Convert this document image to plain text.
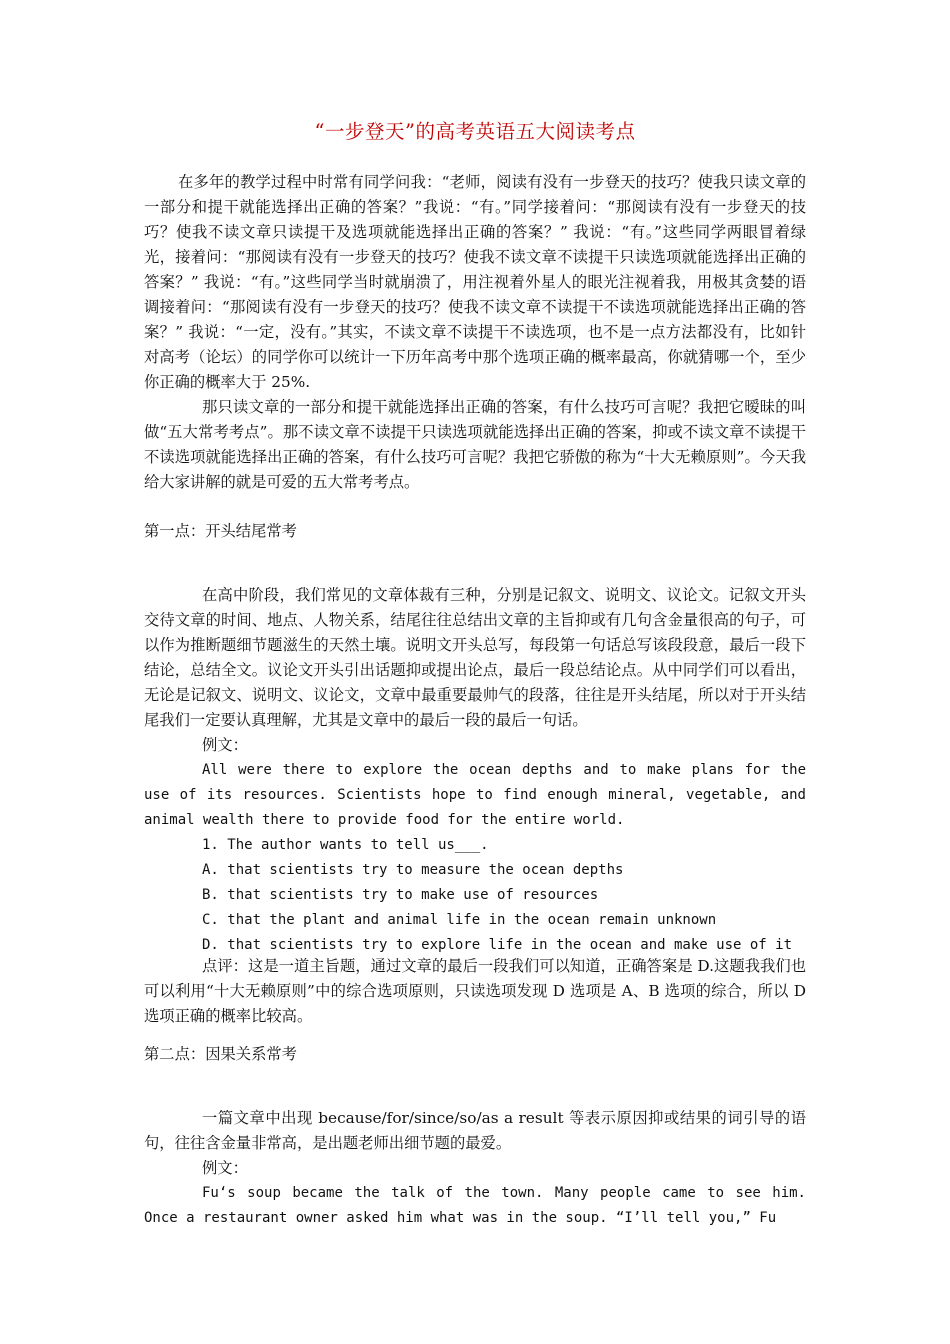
“一步登天”的高考英语五大阅读考点

在多年的教学过程中时常有同学问我：“老师，阅读有没有一步登天的技巧？使我只读文章的一部分和提干就能选择出正确的答案？”我说：“有。”同学接着问：“那阅读有没有一步登天的技巧？使我不读文章只读提干及选项就能选择出正确的答案？” 我说：“有。”这些同学两眼冒着绿光，接着问：“那阅读有没有一步登天的技巧？使我不读文章不读提干只读选项就能选择出正确的答案？” 我说：“有。”这些同学当时就崩溃了，用注视着外星人的眼光注视着我，用极其贪婪的语调接着问：“那阅读有没有一步登天的技巧？使我不读文章不读提干不读选项就能选择出正确的答案？” 我说：“一定，没有。”其实，不读文章不读提干不读选项，也不是一点方法都没有，比如针对高考（论坛）的同学你可以统计一下历年高考中那个选项正确的概率最高，你就猜哪一个，至少你正确的概率大于 25%.

那只读文章的一部分和提干就能选择出正确的答案，有什么技巧可言呢？我把它暧昧的叫做“五大常考考点”。那不读文章不读提干只读选项就能选择出正确的答案，抑或不读文章不读提干不读选项就能选择出正确的答案，有什么技巧可言呢？我把它骄傲的称为“十大无赖原则”。今天我给大家讲解的就是可爱的五大常考考点。

第一点：开头结尾常考

在高中阶段，我们常见的文章体裁有三种，分别是记叙文、说明文、议论文。记叙文开头交待文章的时间、地点、人物关系，结尾往往总结出文章的主旨抑或有几句含金量很高的句子，可以作为推断题细节题滋生的天然土壤。说明文开头总写，每段第一句话总写该段段意，最后一段下结论，总结全文。议论文开头引出话题抑或提出论点，最后一段总结论点。从中同学们可以看出，无论是记叙文、说明文、议论文，文章中最重要最帅气的段落，往往是开头结尾，所以对于开头结尾我们一定要认真理解，尤其是文章中的最后一段的最后一句话。

例文：

All were there to explore the ocean depths and to make plans for the use of its resources. Scientists hope to find enough mineral, vegetable, and animal wealth there to provide food for the entire world.

1. The author wants to tell us___.

A. that scientists try to measure the ocean depths

B. that scientists try to make use of resources

C. that the plant and animal life in the ocean remain unknown

D. that scientists try to explore life in the ocean and make use of it

点评：这是一道主旨题，通过文章的最后一段我们可以知道，正确答案是 D.这题我我们也可以利用“十大无赖原则”中的综合选项原则，只读选项发现 D 选项是 A、B 选项的综合，所以 D 选项正确的概率比较高。

第二点：因果关系常考

一篇文章中出现 because/for/since/so/as a result 等表示原因抑或结果的词引导的语句，往往含金量非常高，是出题老师出细节题的最爱。

例文：

Fu‘s soup became the talk of the town. Many people came to see him. Once a restaurant owner asked him what was in the soup. “I’ll tell you,” Fu
